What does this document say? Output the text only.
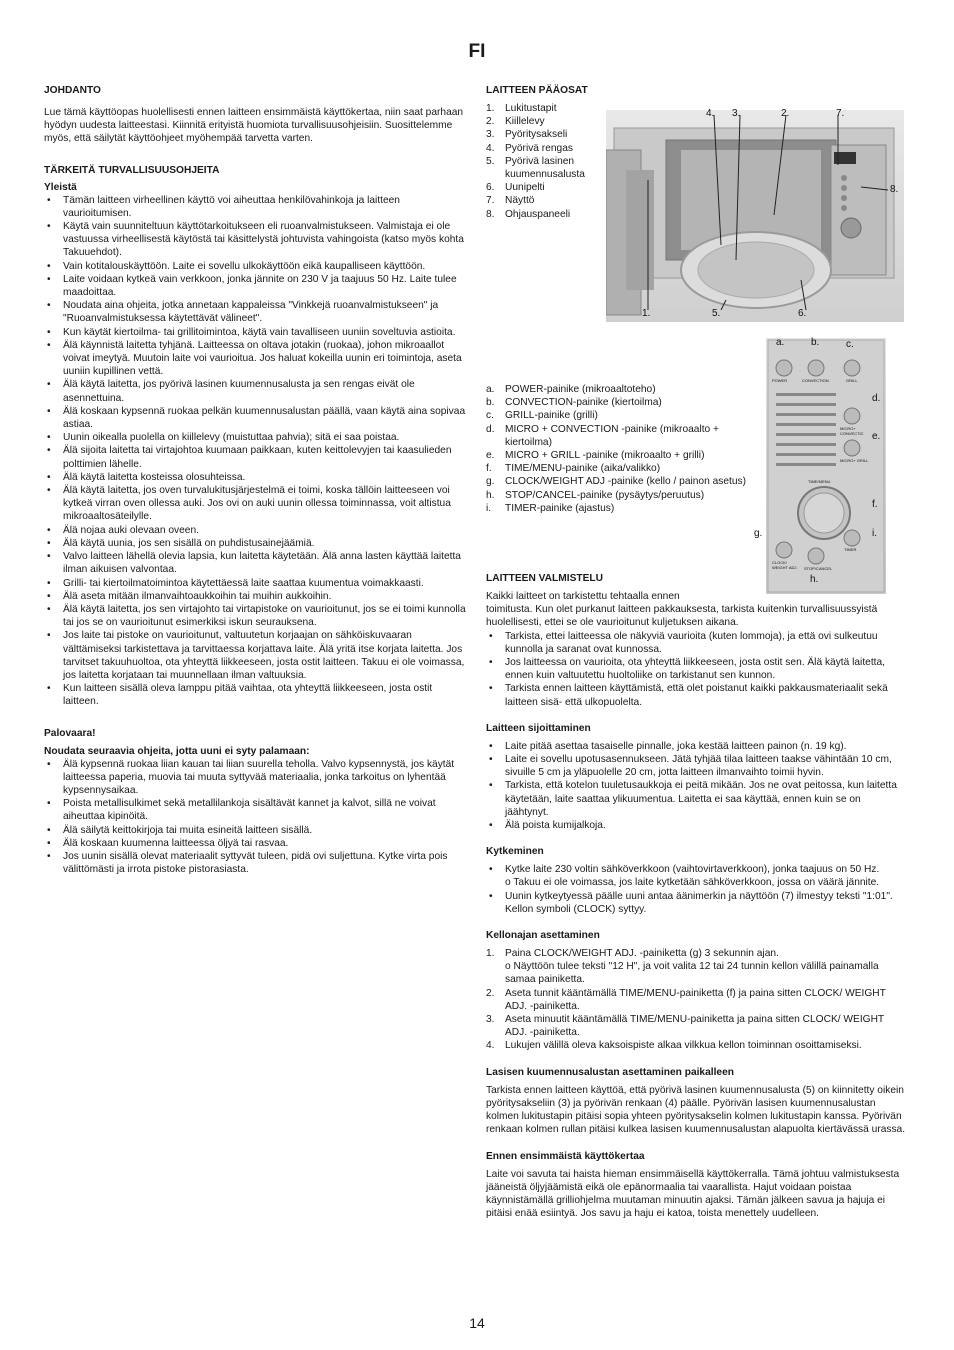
FI
JOHDANTO

Lue tämä käyttöopas huolellisesti ennen laitteen ensimmäistä käyttökertaa, niin saat parhaan hyödyn uudesta laitteestasi. Kiinnitä erityistä huomiota turvallisuusohjeisiin. Suosittelemme myös, että säilytät käyttöohjeet myöhempää tarvetta varten.

TÄRKEITÄ TURVALLISUUSOHJEITA
Yleistä
• Tämän laitteen virheellinen käyttö voi aiheuttaa henkilövahinkoja ja laitteen vaurioitumisen.
• Käytä vain suunniteltuun käyttötarkoitukseen eli ruoanvalmistukseen. Valmistaja ei ole vastuussa virheellisestä käytöstä tai käsittelystä johtuvista vahingoista (katso myös kohta Takuuehdot).
• Vain kotitalouskäyttöön. Laite ei sovellu ulkokäyttöön eikä kaupalliseen käyttöön.
• Laite voidaan kytkeä vain verkkoon, jonka jännite on 230 V ja taajuus 50 Hz. Laite tulee maadoittaa.
• Noudata aina ohjeita, jotka annetaan kappaleissa "Vinkkejä ruoanvalmistukseen" ja "Ruoanvalmistuksessa käytettävät välineet".
• Kun käytät kiertoilma- tai grillitoimintoa, käytä vain tavalliseen uuniin soveltuvia astioita.
• Älä käynnistä laitetta tyhjänä. Laitteessa on oltava jotakin (ruokaa), johon mikroaallot voivat imeytyä. Muutoin laite voi vaurioitua. Jos haluat kokeilla uunin eri toimintoja, aseta uuniin kupillinen vettä.
• Älä käytä laitetta, jos pyörivä lasinen kuumennusalusta ja sen rengas eivät ole asennettuina.
• Älä koskaan kypsennä ruokaa pelkän kuumennusalustan päällä, vaan käytä aina sopivaa astiaa.
• Uunin oikealla puolella on kiillelevy (muistuttaa pahvia); sitä ei saa poistaa.
• Älä sijoita laitetta tai virtajohtoa kuumaan paikkaan, kuten keittolevyjen tai kaasulieden polttimien lähelle.
• Älä käytä laitetta kosteissa olosuhteissa.
• Älä käytä laitetta, jos oven turvalukitusjärjestelmä ei toimi, koska tällöin laitteeseen voi kytkeä virran oven ollessa auki. Jos ovi on auki uunin ollessa toiminnassa, voit altistua mikroaaltosäteilylle.
• Älä nojaa auki olevaan oveen.
• Älä käytä uunia, jos sen sisällä on puhdistusainejäämiä.
• Valvo laitteen lähellä olevia lapsia, kun laitetta käytetään. Älä anna lasten käyttää laitetta ilman aikuisen valvontaa.
• Grilli- tai kiertoilmatoimintoa käytettäessä laite saattaa kuumentua voimakkaasti.
• Älä aseta mitään ilmanvaihtoaukkoihin tai muihin aukkoihin.
• Älä käytä laitetta, jos sen virtajohto tai virtapistoke on vaurioitunut, jos se ei toimi kunnolla tai jos se on vaurioitunut esimerkiksi iskun seurauksena.
• Jos laite tai pistoke on vaurioitunut, valtuutetun korjaajan on sähköiskuvaaran välttämiseksi tarkistettava ja tarvittaessa korjattava laite. Älä yritä itse korjata laitetta. Jos tarvitset takuuhuoltoa, ota yhteyttä liikkeeseen, josta ostit laitteen. Takuu ei ole voimassa, jos laitetta korjataan tai muunnellaan ilman valtuuksia.
• Kun laitteen sisällä oleva lamppu pitää vaihtaa, ota yhteyttä liikkeeseen, josta ostit laitteen.
Palovaara!
Noudata seuraavia ohjeita, jotta uuni ei syty palamaan:
• Älä kypsennä ruokaa liian kauan tai liian suurella teholla. Valvo kypsennystä, jos käytät laitteessa paperia, muovia tai muuta syttyvää materiaalia, jonka tarkoitus on lyhentää kypsennysaikaa.
• Poista metallisulkimet sekä metallilankoja sisältävät kannet ja kalvot, sillä ne voivat aiheuttaa kipinöitä.
• Älä säilytä keittokirjoja tai muita esineitä laitteen sisällä.
• Älä koskaan kuumenna laitteessa öljyä tai rasvaa.
• Jos uunin sisällä olevat materiaalit syttyvät tuleen, pidä ovi suljettuna. Kytke virta pois välittömästi ja irrota pistoke pistorasiasta.
LAITTEEN PÄÄOSAT
1. Lukitustapit
2. Kiillelevy
3. Pyöritysakseli
4. Pyörivä rengas
5. Pyörivä lasinen kuumennusalusta
6. Uunipelti
7. Näyttö
8. Ohjauspaneeli
4. 3.	2.	7.
8.
1.	5.	6.
a.	b.	c.
d.
e.
f.
g.	i.
h.
POWER	CONVECTION	GRILL
MICRO+ CONVECTIC
MICRO+ GRILL
TIME/MENU
CLOCK/ WEIGHT ADJ.	STOP/CANCEL
TIMER
a. POWER-painike (mikroaaltoteho)
b. CONVECTION-painike (kiertoilma)
c. GRILL-painike (grilli)
d. MICRO + CONVECTION -painike (mikroaalto + kiertoilma)
e. MICRO + GRILL -painike (mikroaalto + grilli)
f. TIME/MENU-painike (aika/valikko)
g. CLOCK/WEIGHT ADJ -painike (kello / painon asetus)
h. STOP/CANCEL-painike (pysäytys/peruutus)
i. TIMER-painike (ajastus)
LAITTEEN VALMISTELU
Kaikki laitteet on tarkistettu tehtaalla ennen
toimitusta. Kun olet purkanut laitteen pakkauksesta, tarkista kuitenkin turvallisuussyistä huolellisesti, ettei se ole vaurioitunut kuljetuksen aikana.
• Tarkista, ettei laitteessa ole näkyviä vaurioita (kuten lommoja), ja että ovi sulkeutuu kunnolla ja saranat ovat kunnossa.
• Jos laitteessa on vaurioita, ota yhteyttä liikkeeseen, josta ostit sen. Älä käytä laitetta, ennen kuin valtuutettu huoltoliike on tarkistanut sen kunnon.
• Tarkista ennen laitteen käyttämistä, että olet poistanut kaikki pakkausmateriaalit sekä laitteen sisä- että ulkopuolelta.
Laitteen sijoittaminen
• Laite pitää asettaa tasaiselle pinnalle, joka kestää laitteen painon (n. 19 kg).
• Laite ei sovellu upotusasennukseen. Jätä tyhjää tilaa laitteen taakse vähintään 10 cm, sivuille 5 cm ja yläpuolelle 20 cm, jotta laitteen ilmanvaihto toimii hyvin.
• Tarkista, että kotelon tuuletusaukkoja ei peitä mikään. Jos ne ovat peitossa, kun laitetta käytetään, laite saattaa ylikuumentua. Laitetta ei saa käyttää, ennen kuin se on jäähtynyt.
• Älä poista kumijalkoja.
Kytkeminen
• Kytke laite 230 voltin sähköverkkoon (vaihtovirtaverkkoon), jonka taajuus on 50 Hz.
o Takuu ei ole voimassa, jos laite kytketään sähköverkkoon, jossa on väärä jännite.
• Uunin kytkeytyessä päälle uuni antaa äänimerkin ja näyttöön (7) ilmestyy teksti "1:01". Kellon symboli (CLOCK) syttyy.
Kellonajan asettaminen
1. Paina CLOCK/WEIGHT ADJ. -painiketta (g) 3 sekunnin ajan.
o Näyttöön tulee teksti "12 H", ja voit valita 12 tai 24 tunnin kellon välillä painamalla samaa painiketta.
2. Aseta tunnit kääntämällä TIME/MENU-painiketta (f) ja paina sitten CLOCK/ WEIGHT ADJ. -painiketta.
3. Aseta minuutit kääntämällä TIME/MENU-painiketta ja paina sitten CLOCK/ WEIGHT ADJ. -painiketta.
4. Lukujen välillä oleva kaksoispiste alkaa vilkkua kellon toiminnan osoittamiseksi.
Lasisen kuumennusalustan asettaminen paikalleen

Tarkista ennen laitteen käyttöä, että pyörivä lasinen kuumennusalusta (5) on kiinnitetty oikein pyöritysakseliin (3) ja pyörivän renkaan (4) päälle. Pyörivän lasisen kuumennusalustan kolmen lukitustapin pitäisi sopia yhteen pyöritysakselin kolmen lukitustapin kanssa. Pyörivän renkaan kolmen rullan pitäisi kulkea lasisen kuumennusalustan alapuolta kiertävässä urassa.

Ennen ensimmäistä käyttökertaa

Laite voi savuta tai haista hieman ensimmäisellä käyttökerralla. Tämä johtuu valmistuksesta jääneistä öljyjäämistä eikä ole epänormaalia tai vaarallista. Hajut voidaan poistaa käynnistämällä grilliohjelma muutaman minuutin ajaksi. Tämän jälkeen savua ja hajuja ei pitäisi enää esiintyä. Jos savu ja haju ei katoa, toista menettely uudelleen.

14
